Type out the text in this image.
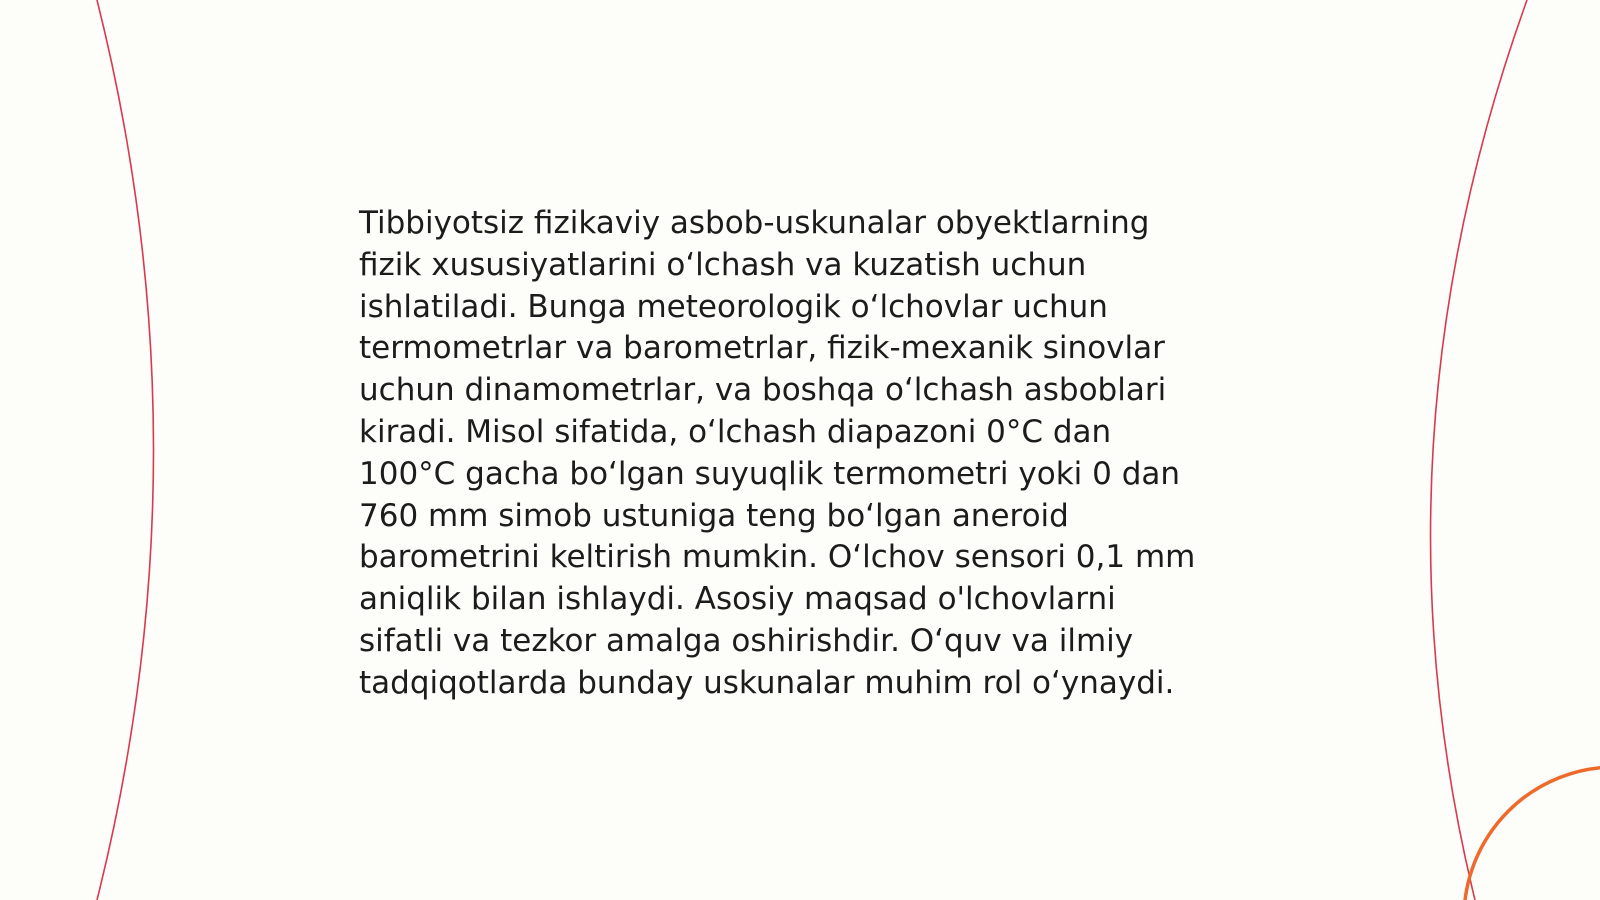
Tibbiyotsiz fizikaviy asbob-uskunalar obyektlarning
fizik xususiyatlarini o‘lchash va kuzatish uchun
ishlatiladi. Bunga meteorologik o‘lchovlar uchun
termometrlar va barometrlar, fizik-mexanik sinovlar
uchun dinamometrlar, va boshqa o‘lchash asboblari
kiradi. Misol sifatida, o‘lchash diapazoni 0°C dan
100°C gacha bo‘lgan suyuqlik termometri yoki 0 dan
760 mm simob ustuniga teng bo‘lgan aneroid
barometrini keltirish mumkin. O‘lchov sensori 0,1 mm
aniqlik bilan ishlaydi. Asosiy maqsad o'lchovlarni
sifatli va tezkor amalga oshirishdir. O‘quv va ilmiy
tadqiqotlarda bunday uskunalar muhim rol o‘ynaydi.
